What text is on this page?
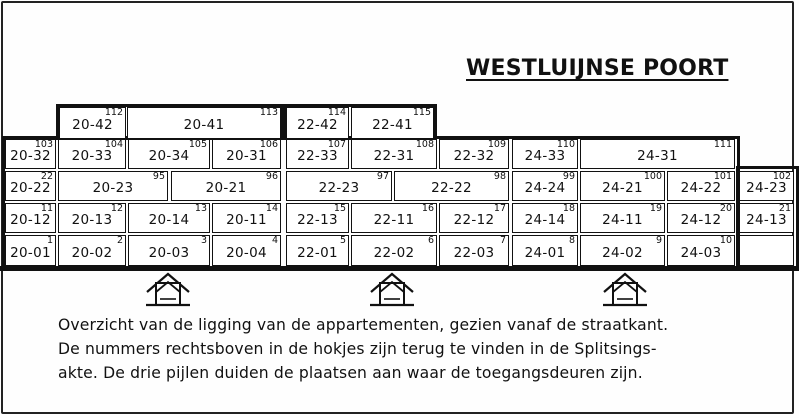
WESTLUIJNSE POORT
20-42
112
20-41
113
22-42
114
22-41
115
20-32
103
20-33
104
20-34
105
20-31
106
22-33
107
22-31
108
22-32
109
24-33
110
24-31
111
20-22
22
20-23
95
20-21
96
22-23
97
22-22
98
24-24
99
24-21
100
24-22
101
24-23
102
20-12
11
20-13
12
20-14
13
20-11
14
22-13
15
22-11
16
22-12
17
24-14
18
24-11
19
24-12
20
24-13
21
20-01
1
20-02
2
20-03
3
20-04
4
22-01
5
22-02
6
22-03
7
24-01
8
24-02
9
24-03
10
Overzicht van de ligging van de appartementen, gezien vanaf de straatkant.
De nummers rechtsboven in de hokjes zijn terug te vinden in de Splitsings-
akte. De drie pijlen duiden de plaatsen aan waar de toegangsdeuren zijn.
